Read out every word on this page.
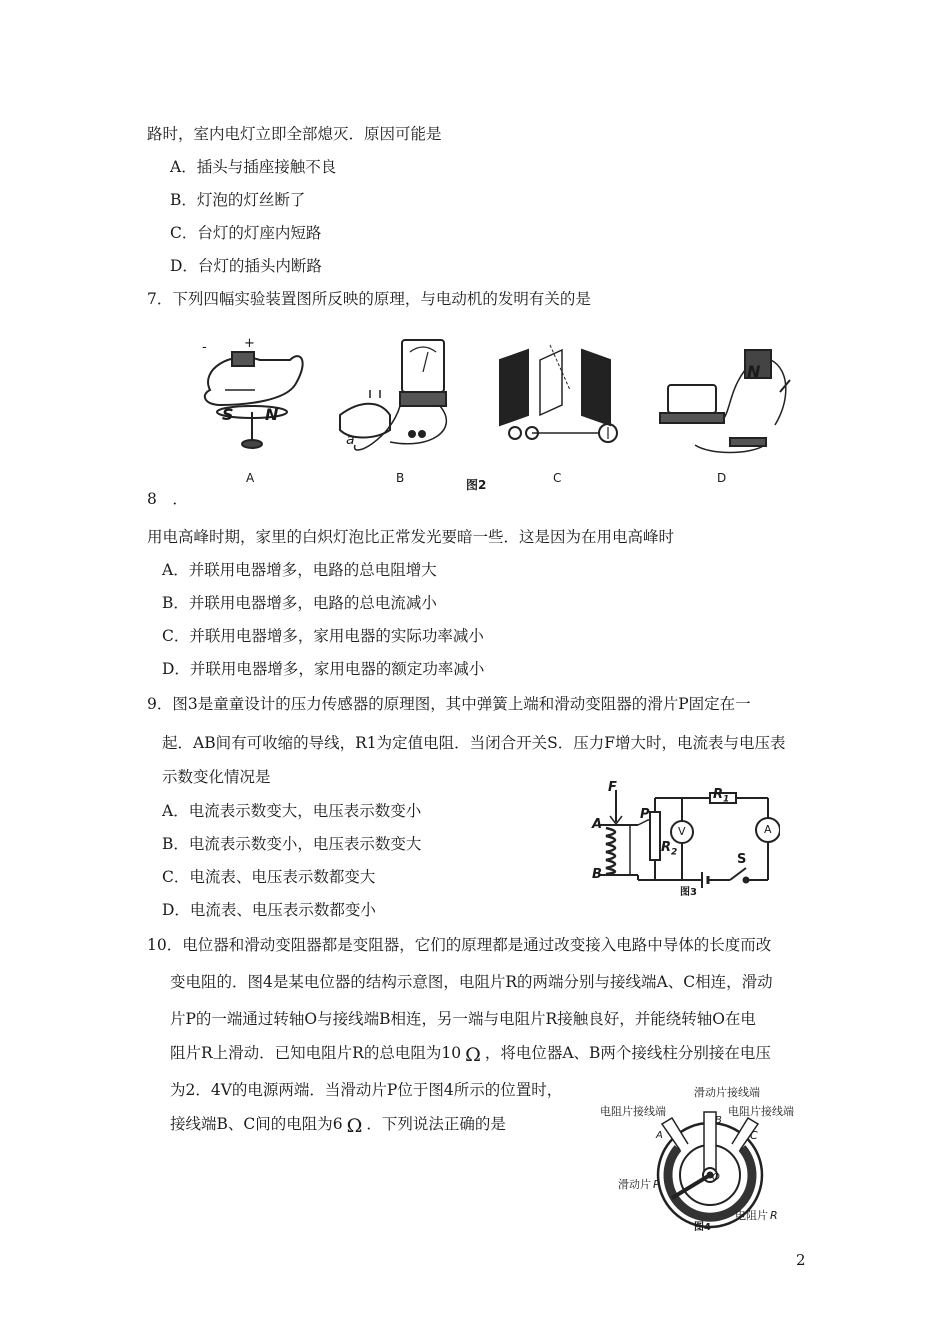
路时，室内电灯立即全部熄灭．原因可能是
A．插头与插座接触不良
B．灯泡的灯丝断了
C．台灯的灯座内短路
D．台灯的插头内断路
7．下列四幅实验装置图所反映的原理，与电动机的发明有关的是
-	+
S N
a
N
A	B	C	D
图2
8　．
用电高峰时期，家里的白炽灯泡比正常发光要暗一些．这是因为在用电高峰时
A．并联用电器增多，电路的总电阻增大
B．并联用电器增多，电路的总电流减小
C．并联用电器增多，家用电器的实际功率减小
D．并联用电器增多，家用电器的额定功率减小
9．图3是童童设计的压力传感器的原理图，其中弹簧上端和滑动变阻器的滑片P固定在一
起．AB间有可收缩的导线，R1为定值电阻．当闭合开关S．压力F增大时，电流表与电压表
示数变化情况是
A．电流表示数变大，电压表示数变小
B．电流表示数变小，电压表示数变大
C．电流表、电压表示数都变大
D．电流表、电压表示数都变小
F
A
B
P
$R_1$
$R_2$
V	A
S
图3
10．电位器和滑动变阻器都是变阻器，它们的原理都是通过改变接入电路中导体的长度而改
变电阻的．图4是某电位器的结构示意图，电阻片R的两端分别与接线端A、C相连，滑动
片P的一端通过转轴O与接线端B相连，另一端与电阻片R接触良好，并能绕转轴O在电
阻片R上滑动．已知电阻片R的总电阻为10 Ω ，将电位器A、B两个接线柱分别接在电压
为2．4V的电源两端．当滑动片P位于图4所示的位置时，
接线端B、C间的电阻为6 Ω ．下列说法正确的是
滑动片接线端
电阻片接线端	电阻片接线端
A
B
C
O
滑动片 P
电阻片 R
图4
2
